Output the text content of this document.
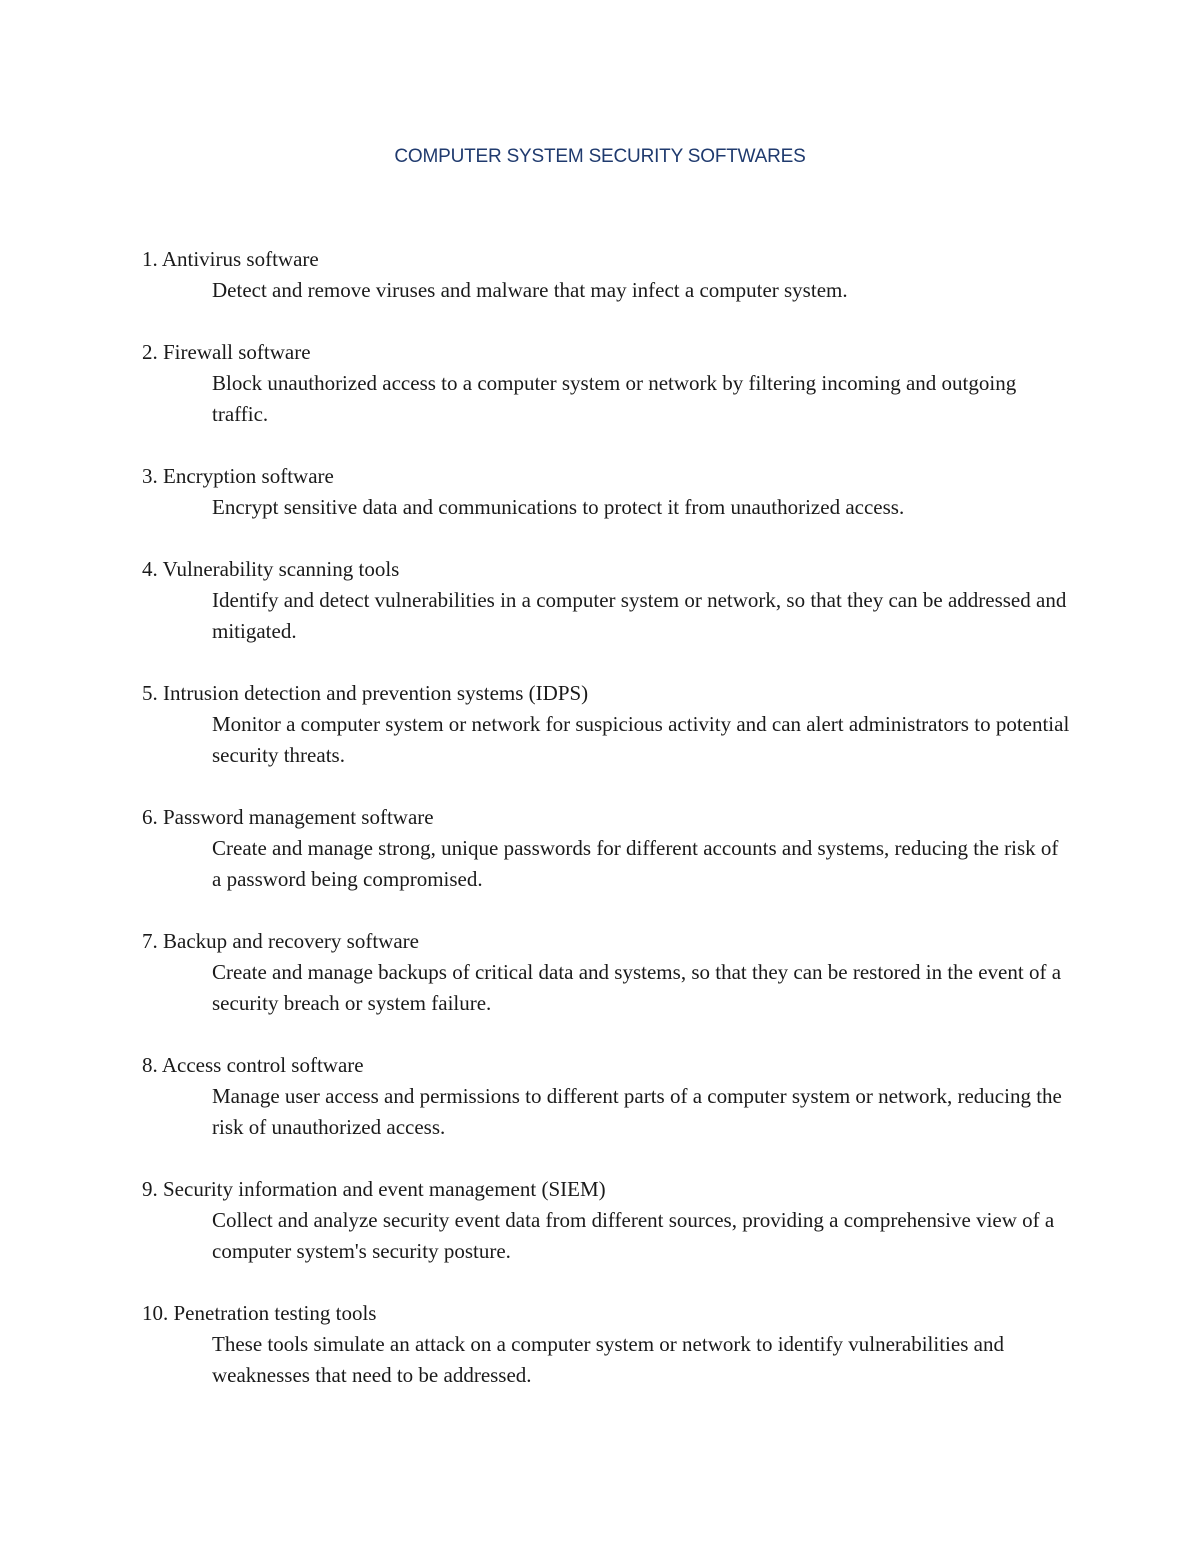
COMPUTER SYSTEM SECURITY SOFTWARES
1. Antivirus software
Detect and remove viruses and malware that may infect a computer system.
2. Firewall software
Block unauthorized access to a computer system or network by filtering incoming and outgoing traffic.
3. Encryption software
Encrypt sensitive data and communications to protect it from unauthorized access.
4. Vulnerability scanning tools
Identify and detect vulnerabilities in a computer system or network, so that they can be addressed and mitigated.
5. Intrusion detection and prevention systems (IDPS)
Monitor a computer system or network for suspicious activity and can alert administrators to potential security threats.
6. Password management software
Create and manage strong, unique passwords for different accounts and systems, reducing the risk of a password being compromised.
7. Backup and recovery software
Create and manage backups of critical data and systems, so that they can be restored in the event of a security breach or system failure.
8. Access control software
Manage user access and permissions to different parts of a computer system or network, reducing the risk of unauthorized access.
9. Security information and event management (SIEM)
Collect and analyze security event data from different sources, providing a comprehensive view of a computer system's security posture.
10. Penetration testing tools
These tools simulate an attack on a computer system or network to identify vulnerabilities and weaknesses that need to be addressed.
